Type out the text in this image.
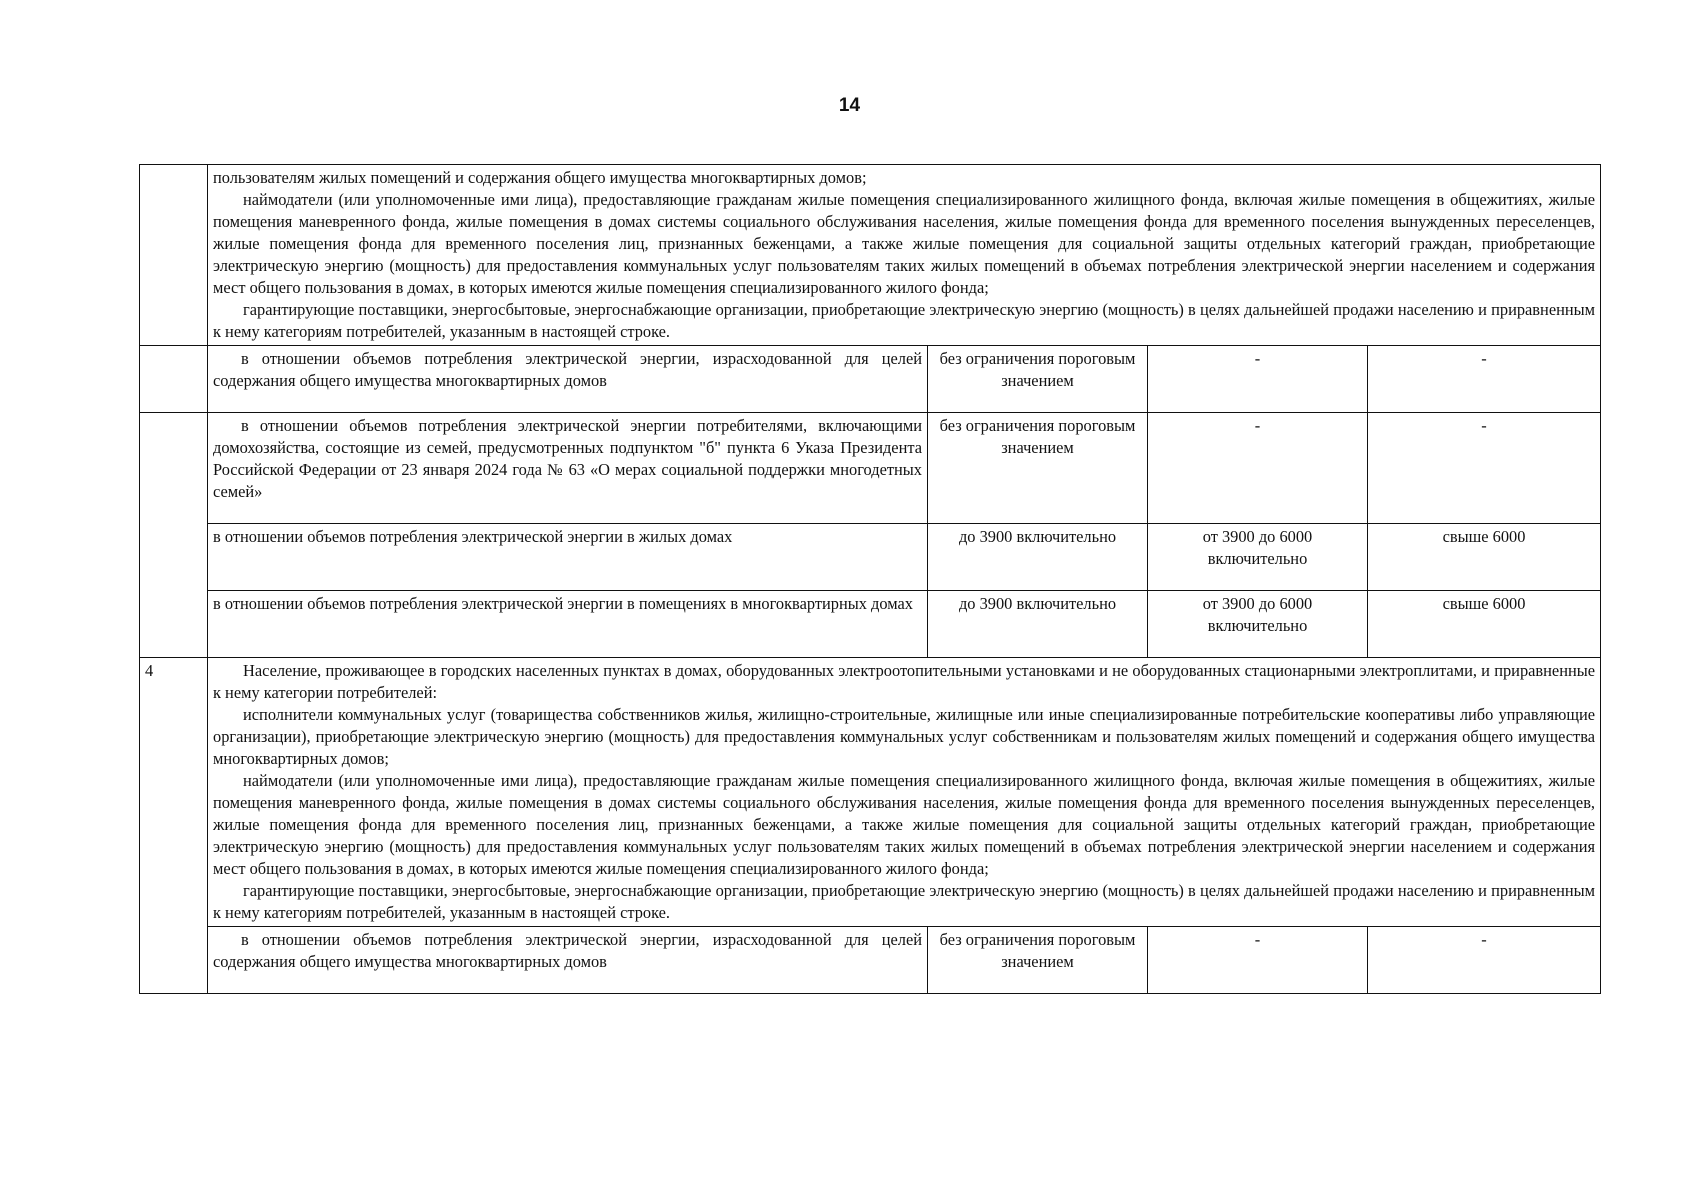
14

	пользователям жилых помещений и содержания общего имущества многоквартирных домов;

наймодатели (или уполномоченные ими лица), предоставляющие гражданам жилые помещения специализированного жилищного фонда, включая жилые помещения в общежитиях, жилые помещения маневренного фонда, жилые помещения в домах системы социального обслуживания населения, жилые помещения фонда для временного поселения вынужденных переселенцев, жилые помещения фонда для временного поселения лиц, признанных беженцами, а также жилые помещения для социальной защиты отдельных категорий граждан, приобретающие электрическую энергию (мощность) для предоставления коммунальных услуг пользователям таких жилых помещений в объемах потребления электрической энергии населением и содержания мест общего пользования в домах, в которых имеются жилые помещения специализированного жилого фонда;

гарантирующие поставщики, энергосбытовые, энергоснабжающие организации, приобретающие электрическую энергию (мощность) в целях дальнейшей продажи населению и приравненным к нему категориям потребителей, указанным в настоящей строке.			

	в отношении объемов потребления электрической энергии, израсходованной для целей содержания общего имущества многоквартирных домов	без ограничения пороговым значением	-	-

	в отношении объемов потребления электрической энергии потребителями, включающими домохозяйства, состоящие из семей, предусмотренных подпунктом "б" пункта 6 Указа Президента Российской Федерации от 23 января 2024 года № 63 «О мерах социальной поддержки многодетных семей»	без ограничения пороговым значением	-	-

	в отношении объемов потребления электрической энергии в жилых домах	до 3900 включительно	от 3900 до 6000 включительно	свыше 6000

	в отношении объемов потребления электрической энергии в помещениях в многоквартирных домах	до 3900 включительно	от 3900 до 6000 включительно	свыше 6000
4	Население, проживающее в городских населенных пунктах в домах, оборудованных электроотопительными установками и не оборудованных стационарными электроплитами, и приравненные к нему категории потребителей:

исполнители коммунальных услуг (товарищества собственников жилья, жилищно-строительные, жилищные или иные специализированные потребительские кооперативы либо управляющие организации), приобретающие электрическую энергию (мощность) для предоставления коммунальных услуг собственникам и пользователям жилых помещений и содержания общего имущества многоквартирных домов;

наймодатели (или уполномоченные ими лица), предоставляющие гражданам жилые помещения специализированного жилищного фонда, включая жилые помещения в общежитиях, жилые помещения маневренного фонда, жилые помещения в домах системы социального обслуживания населения, жилые помещения фонда для временного поселения вынужденных переселенцев, жилые помещения фонда для временного поселения лиц, признанных беженцами, а также жилые помещения для социальной защиты отдельных категорий граждан, приобретающие электрическую энергию (мощность) для предоставления коммунальных услуг пользователям таких жилых помещений в объемах потребления электрической энергии населением и содержания мест общего пользования в домах, в которых имеются жилые помещения специализированного жилого фонда;

гарантирующие поставщики, энергосбытовые, энергоснабжающие организации, приобретающие электрическую энергию (мощность) в целях дальнейшей продажи населению и приравненным к нему категориям потребителей, указанным в настоящей строке.			

	в отношении объемов потребления электрической энергии, израсходованной для целей содержания общего имущества многоквартирных домов	без ограничения пороговым значением	-	-
